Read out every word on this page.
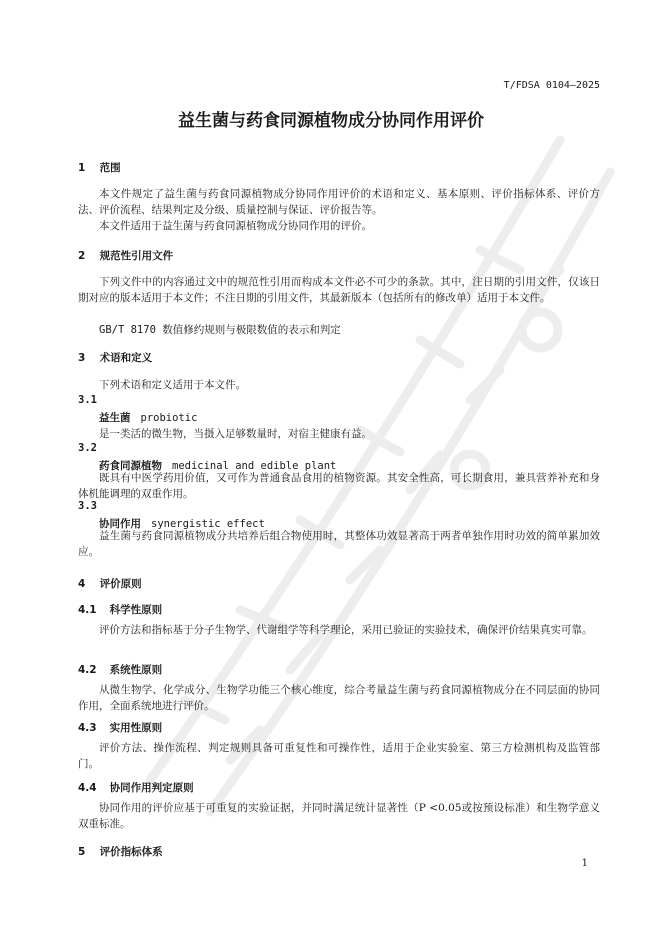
T/FDSA 0104—2025
益生菌与药食同源植物成分协同作用评价
1 范围
本文件规定了益生菌与药食同源植物成分协同作用评价的术语和定义、基本原则、评价指标体系、评价方法、评价流程、结果判定及分级、质量控制与保证、评价报告等。
本文件适用于益生菌与药食同源植物成分协同作用的评价。
2 规范性引用文件
下列文件中的内容通过文中的规范性引用而构成本文件必不可少的条款。其中，注日期的引用文件，仅该日期对应的版本适用于本文件；不注日期的引用文件，其最新版本（包括所有的修改单）适用于本文件。
GB/T 8170 数值修约规则与极限数值的表示和判定
3 术语和定义
下列术语和定义适用于本文件。
3.1
益生菌 probiotic
是一类活的微生物，当摄入足够数量时，对宿主健康有益。
3.2
药食同源植物 medicinal and edible plant
既具有中医学药用价值，又可作为普通食品食用的植物资源。其安全性高，可长期食用，兼具营养补充和身体机能调理的双重作用。
3.3
协同作用 synergistic effect
益生菌与药食同源植物成分共培养后组合物使用时，其整体功效显著高于两者单独作用时功效的简单累加效应。
4 评价原则
4.1 科学性原则
评价方法和指标基于分子生物学、代谢组学等科学理论，采用已验证的实验技术，确保评价结果真实可靠。
4.2 系统性原则
从微生物学、化学成分、生物学功能三个核心维度，综合考量益生菌与药食同源植物成分在不同层面的协同作用，全面系统地进行评价。
4.3 实用性原则
评价方法、操作流程、判定规则具备可重复性和可操作性，适用于企业实验室、第三方检测机构及监管部门。
4.4 协同作用判定原则
协同作用的评价应基于可重复的实验证据，并同时满足统计显著性（P <0.05或按预设标准）和生物学意义双重标准。
5 评价指标体系
1
